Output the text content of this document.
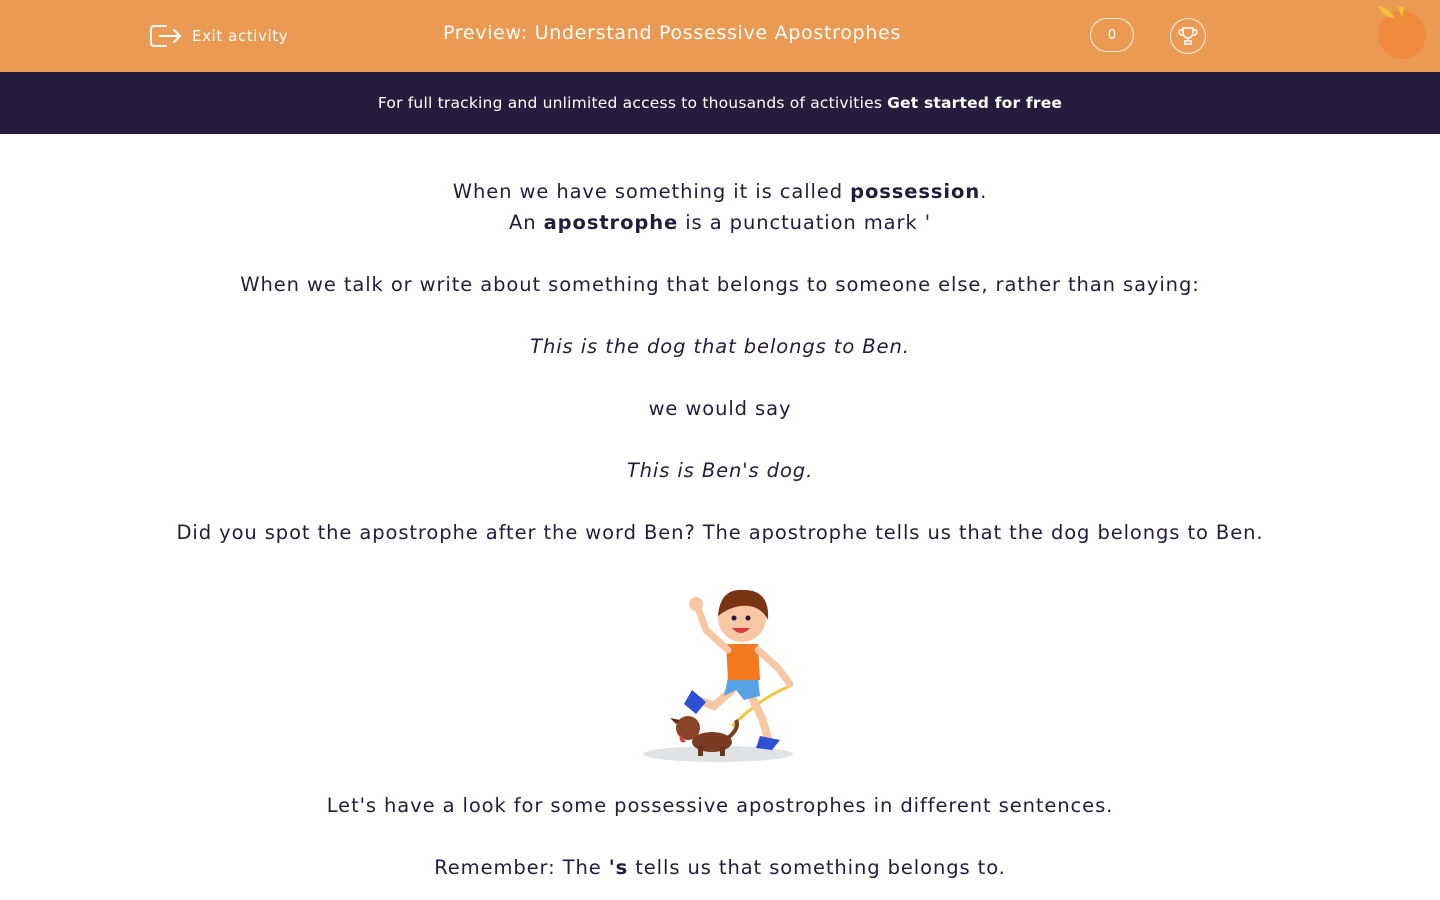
Exit activity	Preview: Understand Possessive Apostrophes	0
For full tracking and unlimited access to thousands of activities Get started for free
When we have something it is called possession.
An apostrophe is a punctuation mark '
When we talk or write about something that belongs to someone else, rather than saying:
This is the dog that belongs to Ben.
we would say
This is Ben's dog.
Did you spot the apostrophe after the word Ben? The apostrophe tells us that the dog belongs to Ben.
Let's have a look for some possessive apostrophes in different sentences.
Remember: The 's tells us that something belongs to.
